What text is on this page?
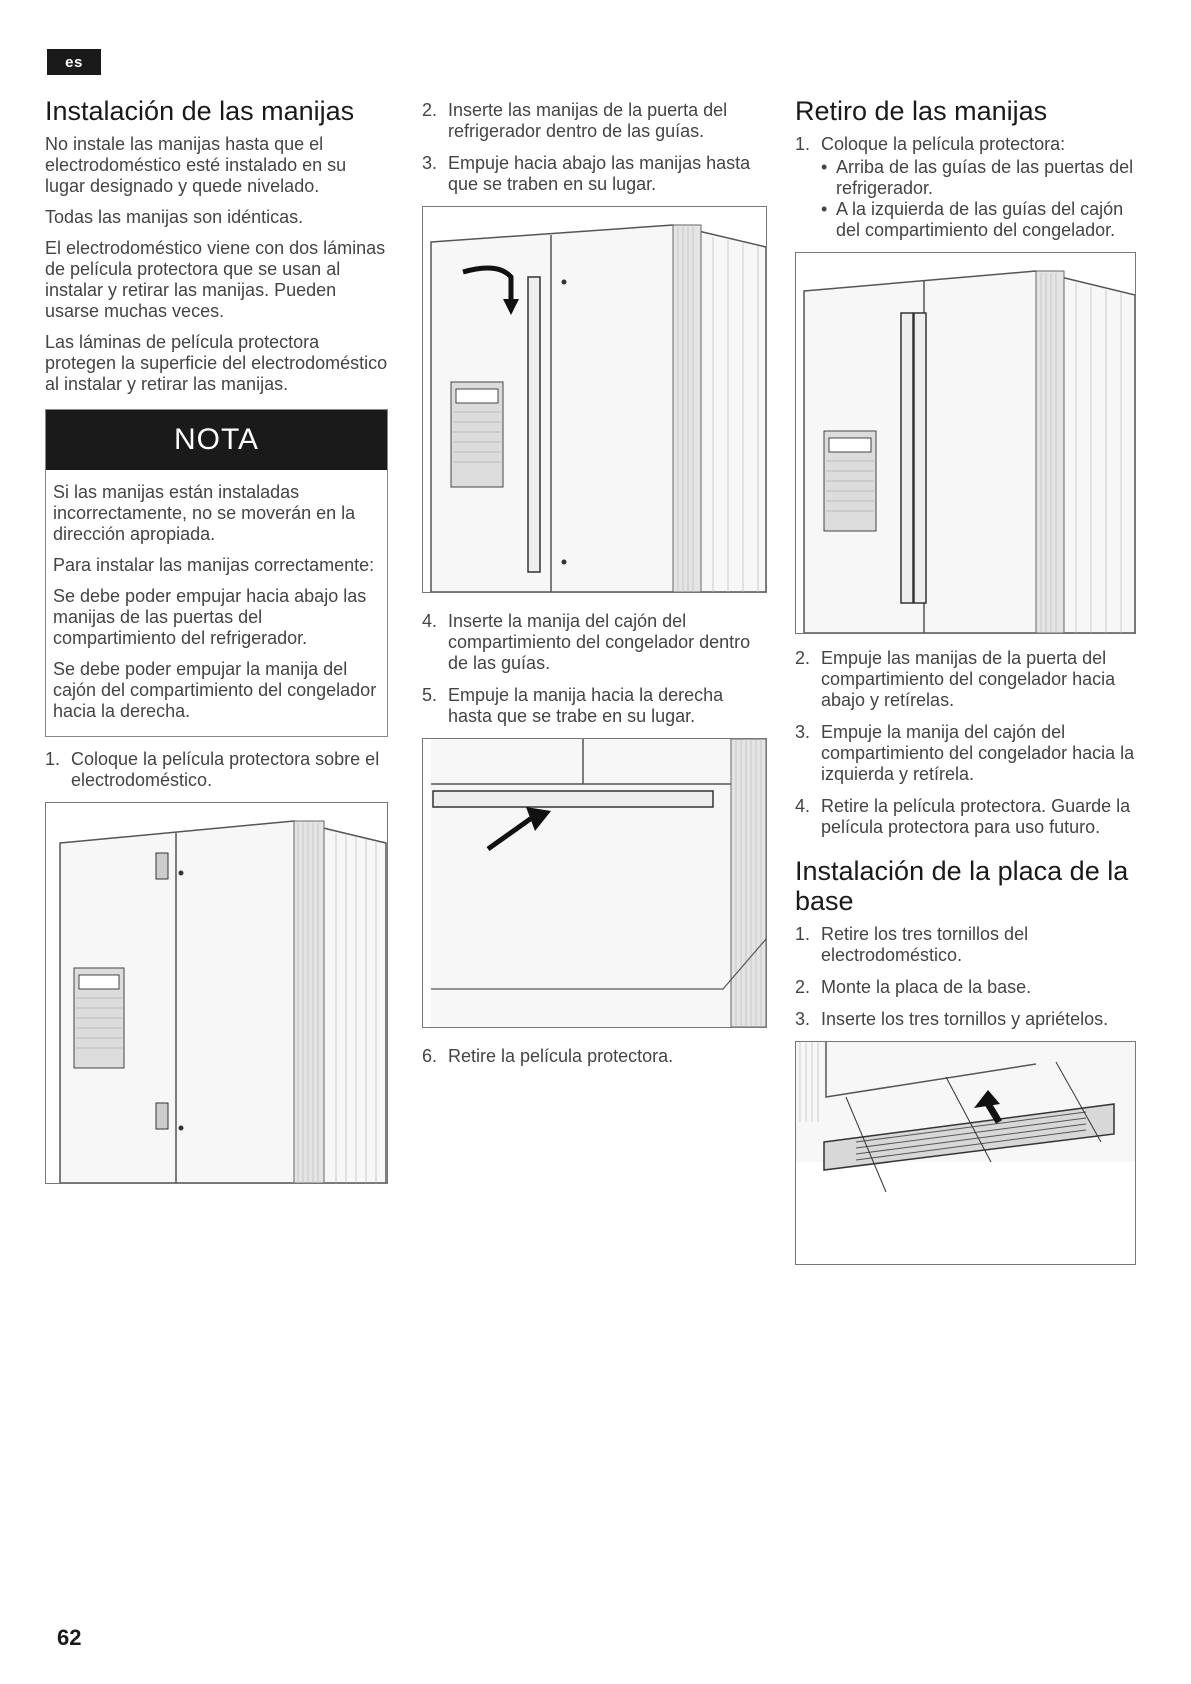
es
Instalación de las manijas

No instale las manijas hasta que el electrodoméstico esté instalado en su lugar designado y quede nivelado.

Todas las manijas son idénticas.

El electrodoméstico viene con dos láminas de película protectora que se usan al instalar y retirar las manijas. Pueden usarse muchas veces.

Las láminas de película protectora protegen la superficie del electrodoméstico al instalar y retirar las manijas.

NOTA

Si las manijas están instaladas incorrectamente, no se moverán en la dirección apropiada.

Para instalar las manijas correctamente:

Se debe poder empujar hacia abajo las manijas de las puertas del compartimiento del refrigerador.

Se debe poder empujar la manija del cajón del compartimiento del congelador hacia la derecha.

1. Coloque la película protectora sobre el electrodoméstico.
2. Inserte las manijas de la puerta del refrigerador dentro de las guías.
3. Empuje hacia abajo las manijas hasta que se traben en su lugar.
4. Inserte la manija del cajón del compartimiento del congelador dentro de las guías.
5. Empuje la manija hacia la derecha hasta que se trabe en su lugar.
6. Retire la película protectora.
Retiro de las manijas
1. Coloque la película protectora:
• Arriba de las guías de las puertas del refrigerador.
• A la izquierda de las guías del cajón del compartimiento del congelador.
2. Empuje las manijas de la puerta del compartimiento del congelador hacia abajo y retírelas.
3. Empuje la manija del cajón del compartimiento del congelador hacia la izquierda y retírela.
4. Retire la película protectora. Guarde la película protectora para uso futuro.
Instalación de la placa de la base
1. Retire los tres tornillos del electrodoméstico.
2. Monte la placa de la base.
3. Inserte los tres tornillos y apriételos.
62
